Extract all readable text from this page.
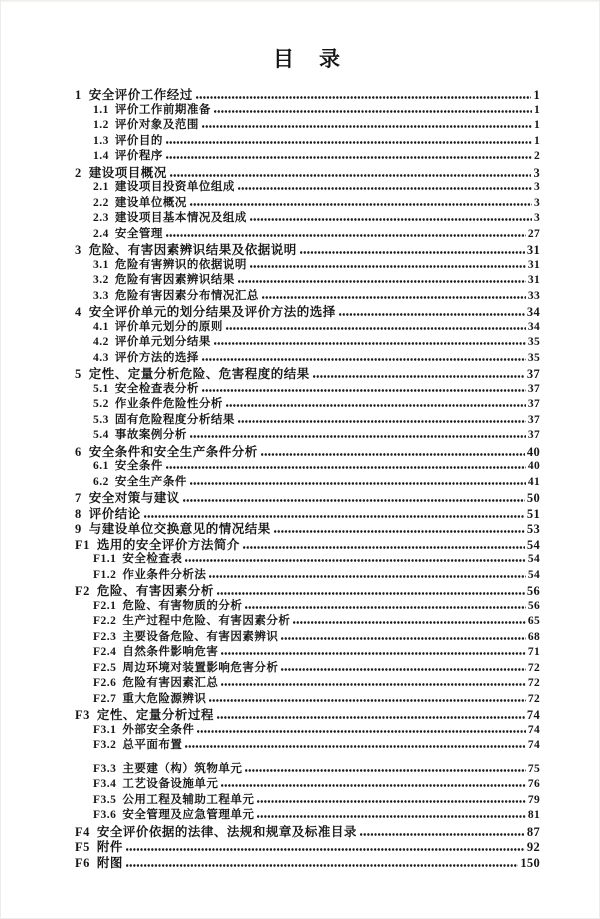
目　录
1 安全评价工作经过	1
1.1 评价工作前期准备	1
1.2 评价对象及范围	1
1.3 评价目的	1
1.4 评价程序	2
2 建设项目概况	3
2.1 建设项目投资单位组成	3
2.2 建设单位概况	3
2.3 建设项目基本情况及组成	3
2.4 安全管理	27
3 危险、有害因素辨识结果及依据说明	31
3.1 危险有害辨识的依据说明	31
3.2 危险有害因素辨识结果	31
3.3 危险有害因素分布情况汇总	33
4 安全评价单元的划分结果及评价方法的选择	34
4.1 评价单元划分的原则	34
4.2 评价单元划分结果	35
4.3 评价方法的选择	35
5 定性、定量分析危险、危害程度的结果	37
5.1 安全检查表分析	37
5.2 作业条件危险性分析	37
5.3 固有危险程度分析结果	37
5.4 事故案例分析	37
6 安全条件和安全生产条件分析	40
6.1 安全条件	40
6.2 安全生产条件	41
7 安全对策与建议	50
8 评价结论	51
9 与建设单位交换意见的情况结果	53
F1 选用的安全评价方法简介	54
F1.1 安全检查表	54
F1.2 作业条件分析法	54
F2 危险、有害因素分析	56
F2.1 危险、有害物质的分析	56
F2.2 生产过程中危险、有害因素分析	65
F2.3 主要设备危险、有害因素辨识	68
F2.4 自然条件影响危害	71
F2.5 周边环境对装置影响危害分析	72
F2.6 危险有害因素汇总	72
F2.7 重大危险源辨识	72
F3 定性、定量分析过程	74
F3.1 外部安全条件	74
F3.2 总平面布置	74
F3.3 主要建（构）筑物单元	75
F3.4 工艺设备设施单元	76
F3.5 公用工程及辅助工程单元	79
F3.6 安全管理及应急管理单元	81
F4 安全评价依据的法律、法规和规章及标准目录	87
F5 附件	92
F6 附图	150
